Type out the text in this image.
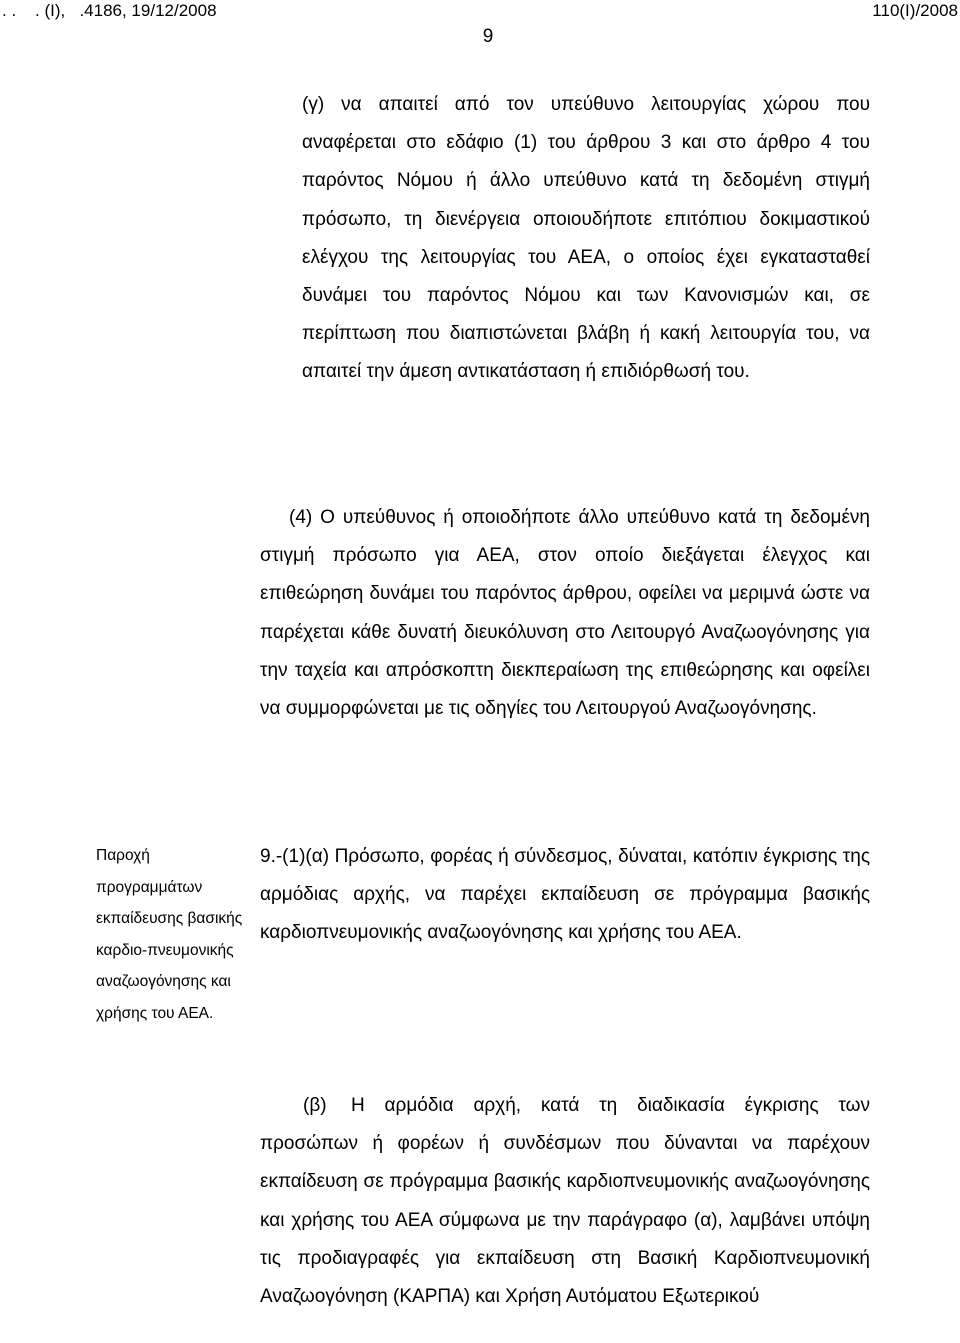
. .    . (I),   .4186, 19/12/2008	110(I)/2008
9
(γ) να απαιτεί από τον υπεύθυνο λειτουργίας χώρου που αναφέρεται στο εδάφιο (1) του άρθρου 3 και στο άρθρο 4 του παρόντος Νόμου ή άλλο υπεύθυνο κατά τη δεδομένη στιγμή πρόσωπο, τη διενέργεια οποιουδήποτε επιτόπιου δοκιμαστικού ελέγχου της λειτουργίας του ΑΕΑ, ο οποίος έχει εγκατασταθεί δυνάμει του παρόντος Νόμου και των Κανονισμών και, σε περίπτωση που διαπιστώνεται βλάβη ή κακή λειτουργία του, να απαιτεί την άμεση αντικατάσταση ή επιδιόρθωσή του.
(4) Ο υπεύθυνος ή οποιοδήποτε άλλο υπεύθυνο κατά τη δεδομένη στιγμή πρόσωπο για ΑΕΑ, στον οποίο διεξάγεται έλεγχος και επιθεώρηση δυνάμει του παρόντος άρθρου, οφείλει να μεριμνά ώστε να παρέχεται κάθε δυνατή διευκόλυνση στο Λειτουργό Αναζωογόνησης για την ταχεία και απρόσκοπτη διεκπεραίωση της επιθεώρησης και οφείλει να συμμορφώνεται με τις οδηγίες του Λειτουργού Αναζωογόνησης.
Παροχή προγραμμάτων εκπαίδευσης βασικής καρδιο-πνευμονικής αναζωογόνησης και χρήσης του ΑΕΑ.
9.-(1)(α) Πρόσωπο, φορέας ή σύνδεσμος, δύναται, κατόπιν έγκρισης της αρμόδιας αρχής, να παρέχει εκπαίδευση σε πρόγραμμα βασικής καρδιοπνευμονικής αναζωογόνησης και χρήσης του ΑΕΑ.
(β) Η αρμόδια αρχή, κατά τη διαδικασία έγκρισης των προσώπων ή φορέων ή συνδέσμων που δύνανται να παρέχουν εκπαίδευση σε πρόγραμμα βασικής καρδιοπνευμονικής αναζωογόνησης και χρήσης του ΑΕΑ σύμφωνα με την παράγραφο (α), λαμβάνει υπόψη τις προδιαγραφές για εκπαίδευση στη Βασική Καρδιοπνευμονική Αναζωογόνηση (ΚΑΡΠΑ) και Χρήση Αυτόματου Εξωτερικού
